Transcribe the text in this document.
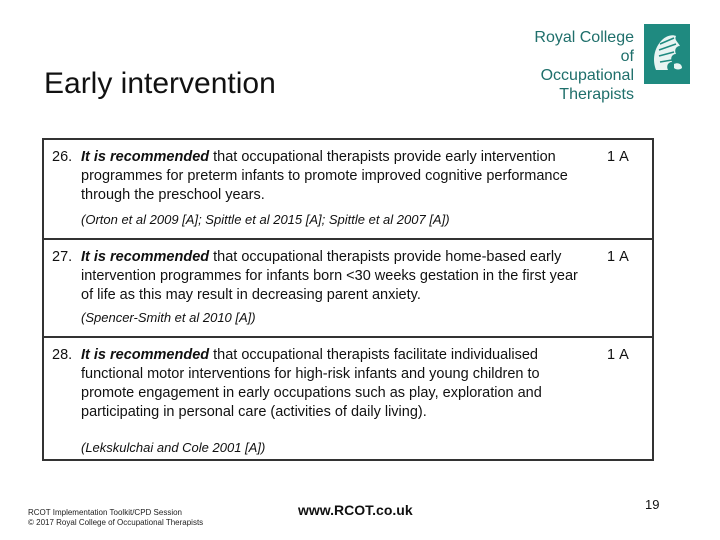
Early intervention
Royal College of
Occupational
Therapists
26. It is recommended that occupational therapists provide early intervention programmes for preterm infants to promote improved cognitive performance through the preschool years.
(Orton et al 2009 [A]; Spittle et al 2015 [A]; Spittle et al 2007 [A])
1A
27. It is recommended that occupational therapists provide home-based early intervention programmes for infants born <30 weeks gestation in the first year of life as this may result in decreasing parent anxiety.
(Spencer-Smith et al 2010 [A])
1A
28. It is recommended that occupational therapists facilitate individualised functional motor interventions for high-risk infants and young children to promote engagement in early occupations such as play, exploration and participating in personal care (activities of daily living).
(Lekskulchai and Cole 2001 [A])
1A
RCOT Implementation Toolkit/CPD Session
© 2017 Royal College of Occupational Therapists
www.RCOT.co.uk	19
